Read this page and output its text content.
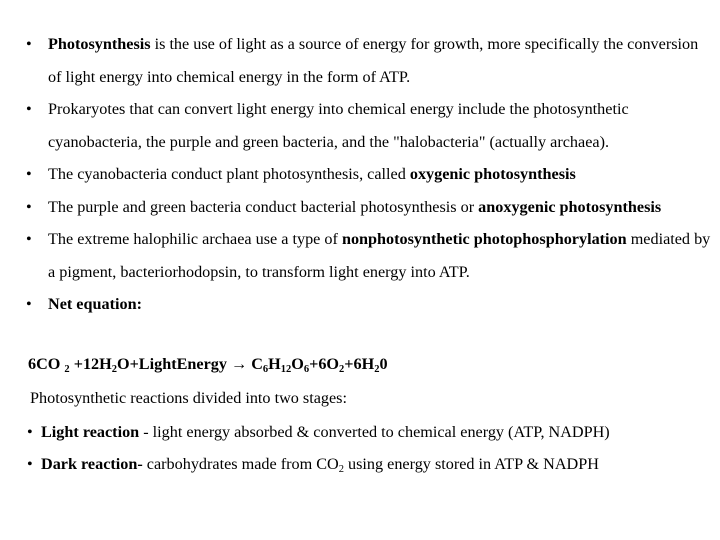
• Photosynthesis is the use of light as a source of energy for growth, more specifically the conversion of light energy into chemical energy in the form of ATP.
• Prokaryotes that can convert light energy into chemical energy include the photosynthetic cyanobacteria, the purple and green bacteria, and the "halobacteria" (actually archaea).
• The cyanobacteria conduct plant photosynthesis, called oxygenic photosynthesis
• The purple and green bacteria conduct bacterial photosynthesis or anoxygenic photosynthesis
• The extreme halophilic archaea use a type of nonphotosynthetic photophosphorylation mediated by a pigment, bacteriorhodopsin, to transform light energy into ATP.
• Net equation:
6CO $_2 +12H_2O+LightEnergy \to C_6H_{12}O_6+6O_2+6H_20$
Photosynthetic reactions divided into two stages:
• Light reaction - light energy absorbed & converted to chemical energy (ATP, NADPH)
• Dark reaction- carbohydrates made from $CO_2$ using energy stored in ATP & NADPH
